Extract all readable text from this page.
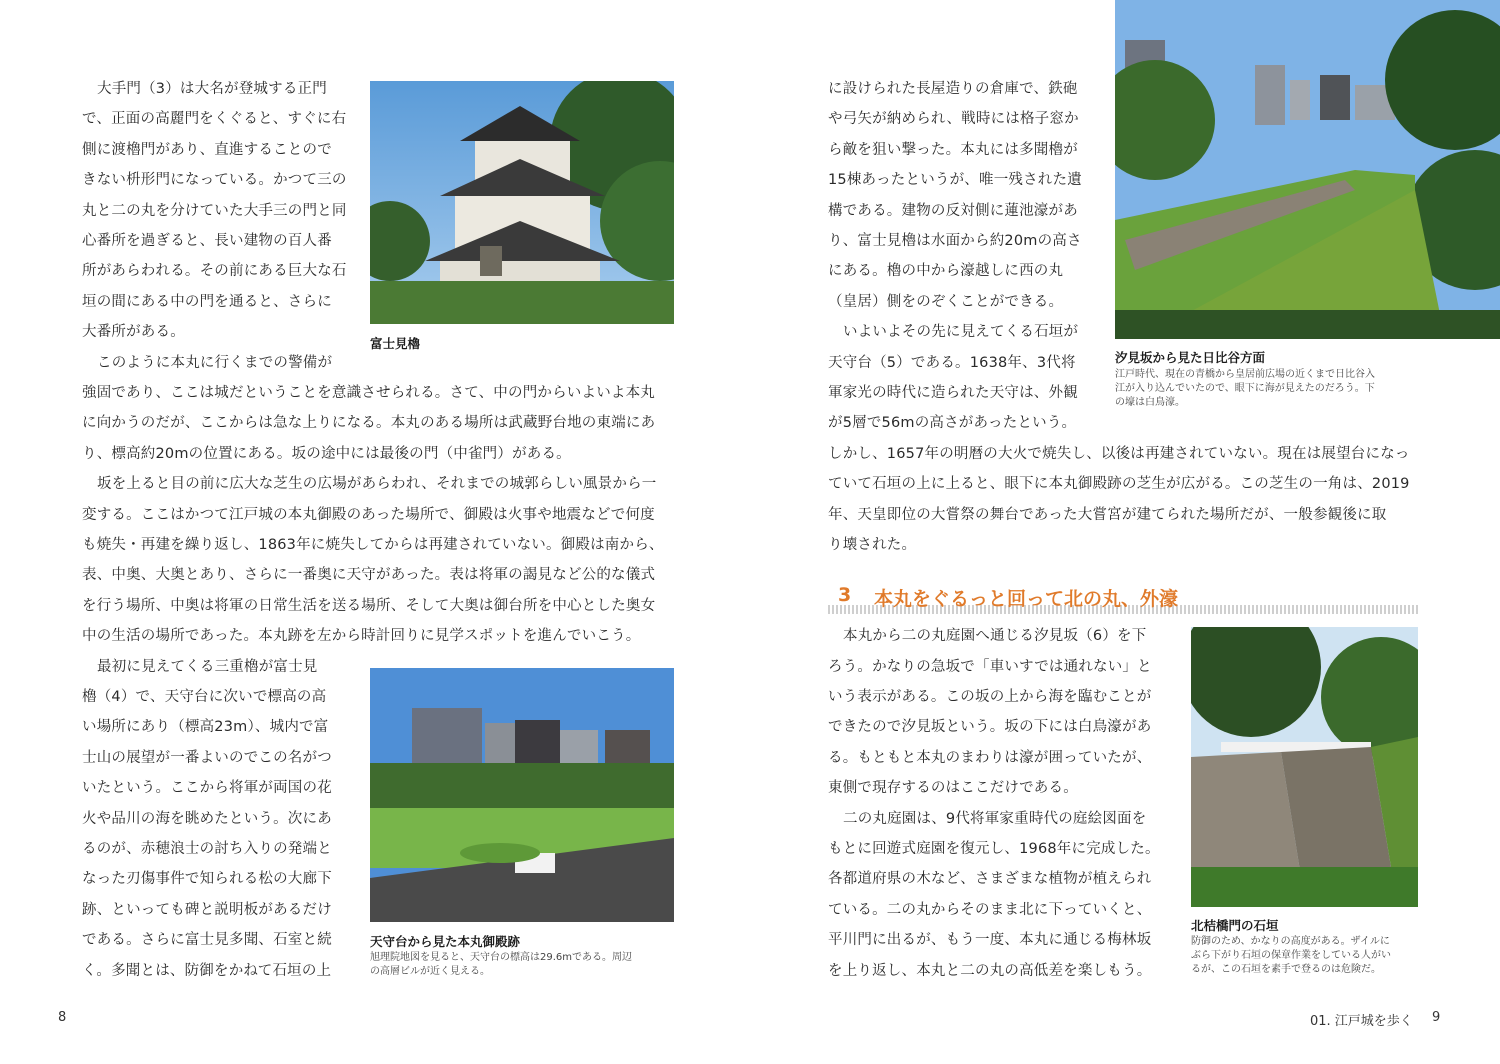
大手門（3）は大名が登城する正門
で、正面の高麗門をくぐると、すぐに右
側に渡櫓門があり、直進することので
きない枡形門になっている。かつて三の
丸と二の丸を分けていた大手三の門と同
心番所を過ぎると、長い建物の百人番
所があらわれる。その前にある巨大な石
垣の間にある中の門を通ると、さらに
大番所がある。
このように本丸に行くまでの警備が
強固であり、ここは城だということを意識させられる。さて、中の門からいよいよ本丸
に向かうのだが、ここからは急な上りになる。本丸のある場所は武蔵野台地の東端にあ
り、標高約20mの位置にある。坂の途中には最後の門（中雀門）がある。
坂を上ると目の前に広大な芝生の広場があらわれ、それまでの城郭らしい風景から一
変する。ここはかつて江戸城の本丸御殿のあった場所で、御殿は火事や地震などで何度
も焼失・再建を繰り返し、1863年に焼失してからは再建されていない。御殿は南から、
表、中奥、大奥とあり、さらに一番奥に天守があった。表は将軍の謁見など公的な儀式
を行う場所、中奥は将軍の日常生活を送る場所、そして大奥は御台所を中心とした奥女
中の生活の場所であった。本丸跡を左から時計回りに見学スポットを進んでいこう。
最初に見えてくる三重櫓が富士見
櫓（4）で、天守台に次いで標高の高
い場所にあり（標高23m）、城内で富
士山の展望が一番よいのでこの名がつ
いたという。ここから将軍が両国の花
火や品川の海を眺めたという。次にあ
るのが、赤穂浪士の討ち入りの発端と
なった刃傷事件で知られる松の大廊下
跡、といっても碑と説明板があるだけ
である。さらに富士見多聞、石室と続
く。多聞とは、防御をかねて石垣の上
富士見櫓
天守台から見た本丸御殿跡
旭理院地図を見ると、天守台の標高は29.6mである。周辺
の高層ビルが近く見える。
8
に設けられた長屋造りの倉庫で、鉄砲
や弓矢が納められ、戦時には格子窓か
ら敵を狙い撃った。本丸には多聞櫓が
15棟あったというが、唯一残された遺
構である。建物の反対側に蓮池濠があ
り、富士見櫓は水面から約20mの高さ
にある。櫓の中から濠越しに西の丸
（皇居）側をのぞくことができる。
いよいよその先に見えてくる石垣が
天守台（5）である。1638年、3代将
軍家光の時代に造られた天守は、外観
が5層で56mの高さがあったという。
しかし、1657年の明暦の大火で焼失し、以後は再建されていない。現在は展望台になっ
ていて石垣の上に上ると、眼下に本丸御殿跡の芝生が広がる。この芝生の一角は、2019
年、天皇即位の大嘗祭の舞台であった大嘗宮が建てられた場所だが、一般参観後に取
り壊された。
3 本丸をぐるっと回って北の丸、外濠
本丸から二の丸庭園へ通じる汐見坂（6）を下
ろう。かなりの急坂で「車いすでは通れない」と
いう表示がある。この坂の上から海を臨むことが
できたので汐見坂という。坂の下には白鳥濠があ
る。もともと本丸のまわりは濠が囲っていたが、
東側で現存するのはここだけである。
二の丸庭園は、9代将軍家重時代の庭絵図面を
もとに回遊式庭園を復元し、1968年に完成した。
各都道府県の木など、さまざまな植物が植えられ
ている。二の丸からそのまま北に下っていくと、
平川門に出るが、もう一度、本丸に通じる梅林坂
を上り返し、本丸と二の丸の高低差を楽しもう。
汐見坂から見た日比谷方面
江戸時代、現在の青橋から皇居前広場の近くまで日比谷入
江が入り込んでいたので、眼下に海が見えたのだろう。下
の壕は白鳥濠。
北桔橋門の石垣
防御のため、かなりの高度がある。ザイルに
ぶら下がり石垣の保章作業をしている人がい
るが、この石垣を素手で登るのは危険だ。
01. 江戸城を歩く 9
